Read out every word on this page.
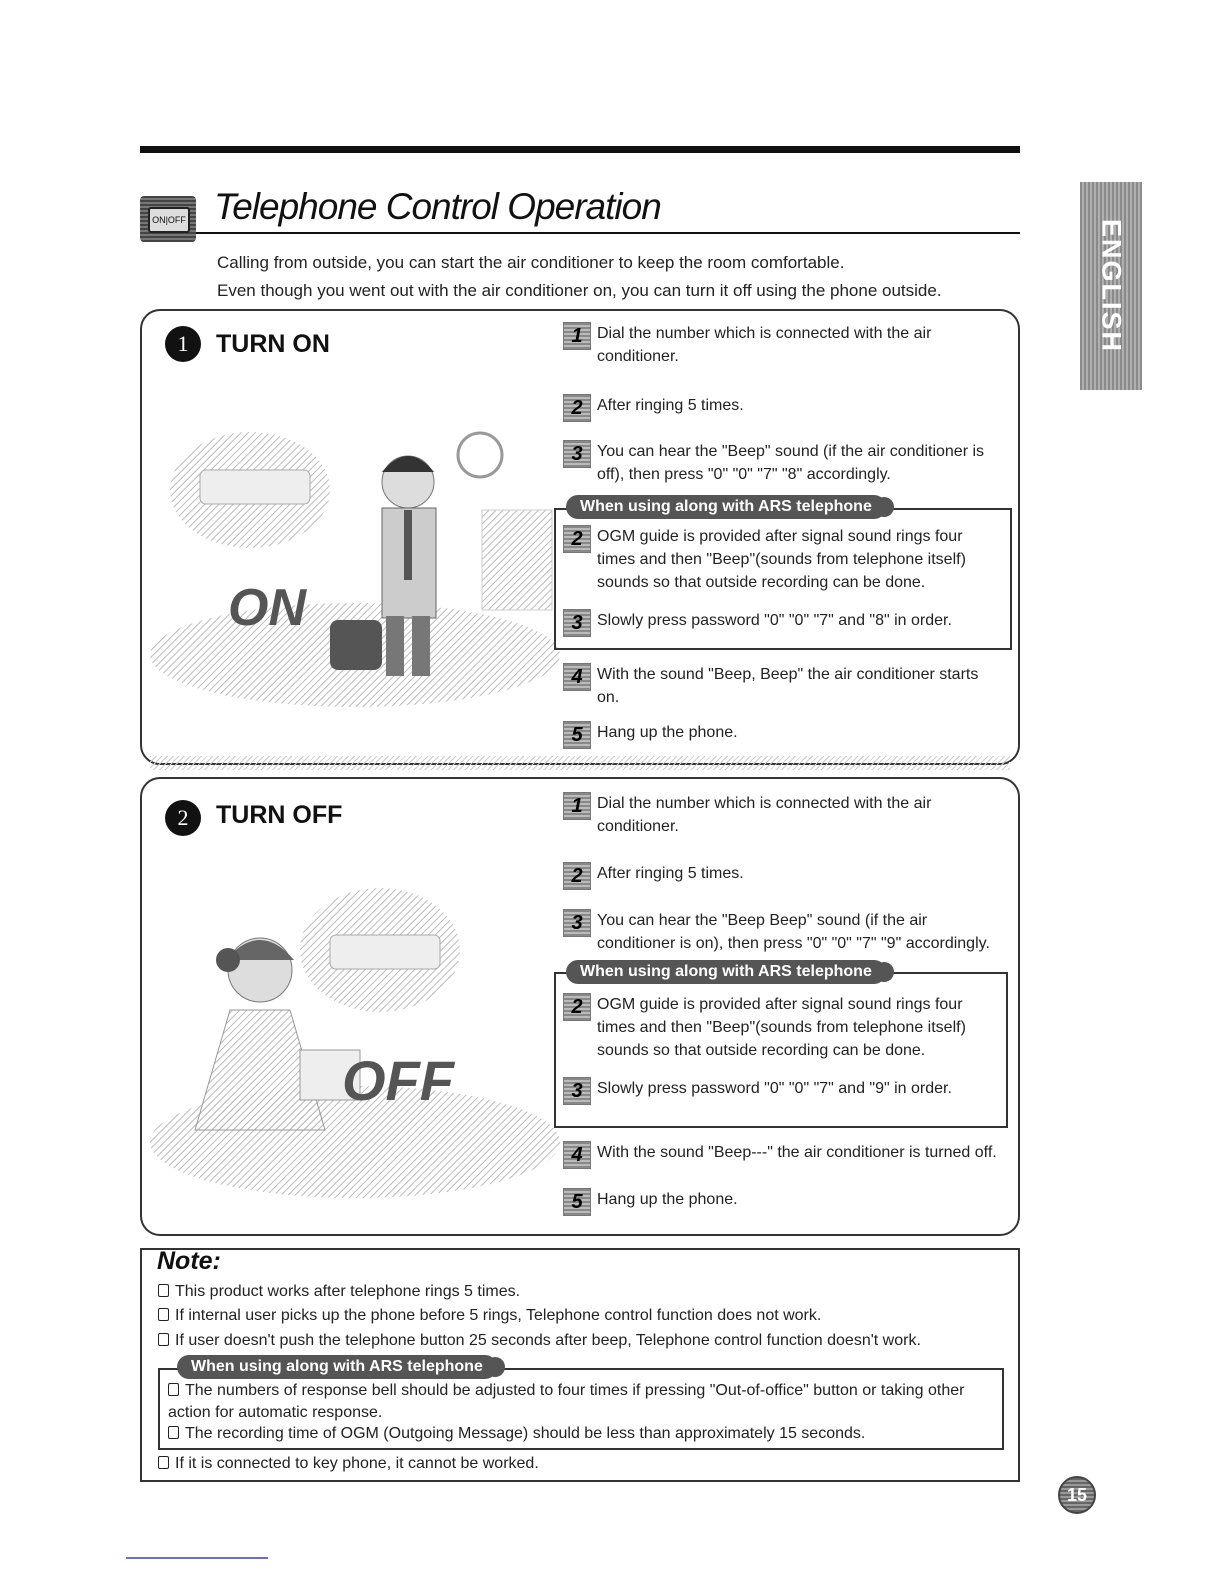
ON|OFF Telephone Control Operation

Calling from outside, you can start the air conditioner to keep the room comfortable.

Even though you went out with the air conditioner on, you can turn it off using the phone outside.	ENGLISH
1	TURN ON
ON
1 Dial the number which is connected with the air conditioner.
2 After ringing 5 times.
3 You can hear the "Beep" sound (if the air conditioner is off), then press "0" "0" "7" "8" accordingly.
When using along with ARS telephone
2 OGM guide is provided after signal sound rings four times and then "Beep"(sounds from telephone itself) sounds so that outside recording can be done.
3 Slowly press password "0" "0" "7" and "8" in order.
4 With the sound "Beep, Beep" the air conditioner starts on.
5 Hang up the phone.
2	TURN OFF
OFF
1 Dial the number which is connected with the air conditioner.
2 After ringing 5 times.
3 You can hear the "Beep Beep" sound (if the air conditioner is on), then press "0" "0" "7" "9" accordingly.
When using along with ARS telephone
2 OGM guide is provided after signal sound rings four times and then "Beep"(sounds from telephone itself) sounds so that outside recording can be done.
3 Slowly press password "0" "0" "7" and "9" in order.
4 With the sound "Beep---" the air conditioner is turned off.
5 Hang up the phone.
Note:
This product works after telephone rings 5 times.
If internal user picks up the phone before 5 rings, Telephone control function does not work.
If user doesn't push the telephone button 25 seconds after beep, Telephone control function doesn't work.
When using along with ARS telephone
The numbers of response bell should be adjusted to four times if pressing "Out-of-office" button or taking other action for automatic response.
The recording time of OGM (Outgoing Message) should be less than approximately 15 seconds.
If it is connected to key phone, it cannot be worked.
15
